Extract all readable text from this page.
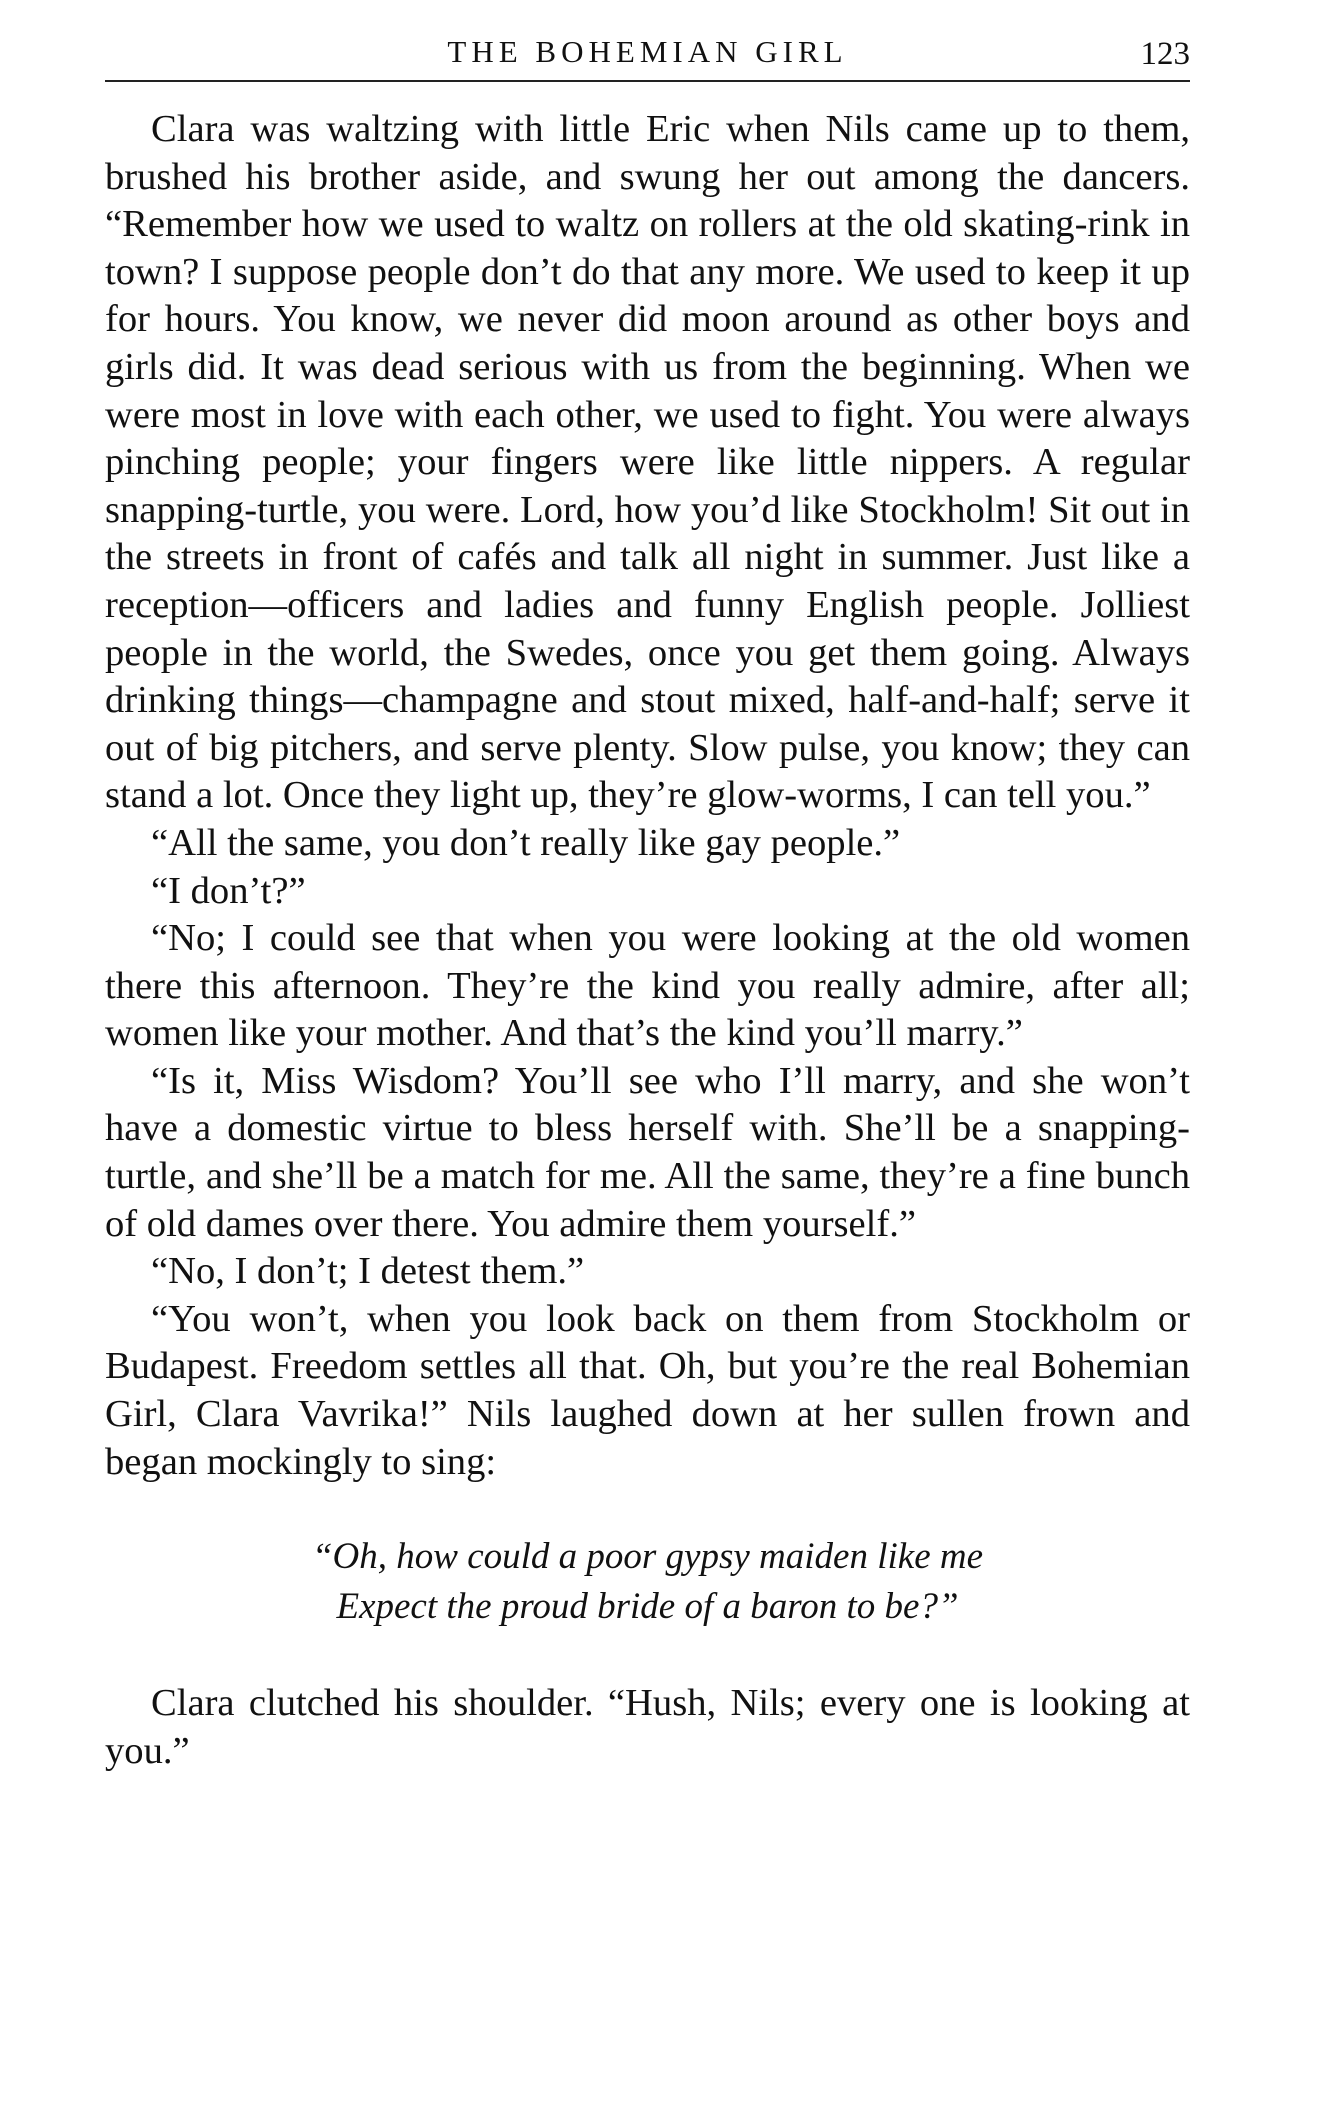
THE BOHEMIAN GIRL	123

Clara was waltzing with little Eric when Nils came up to them, brushed his brother aside, and swung her out among the dancers. “Remember how we used to waltz on rollers at the old skating-rink in town? I suppose people don’t do that any more. We used to keep it up for hours. You know, we never did moon around as other boys and girls did. It was dead serious with us from the beginning. When we were most in love with each other, we used to fight. You were always pinching people; your fingers were like little nippers. A regular snapping-turtle, you were. Lord, how you’d like Stockholm! Sit out in the streets in front of cafés and talk all night in summer. Just like a reception—officers and ladies and funny English people. Jolliest people in the world, the Swedes, once you get them going. Always drinking things—champagne and stout mixed, half-and-half; serve it out of big pitchers, and serve plenty. Slow pulse, you know; they can stand a lot. Once they light up, they’re glow-worms, I can tell you.”

“All the same, you don’t really like gay people.”

“I don’t?”

“No; I could see that when you were looking at the old women there this afternoon. They’re the kind you really admire, after all; women like your mother. And that’s the kind you’ll marry.”

“Is it, Miss Wisdom? You’ll see who I’ll marry, and she won’t have a domestic virtue to bless herself with. She’ll be a snapping-turtle, and she’ll be a match for me. All the same, they’re a fine bunch of old dames over there. You admire them yourself.”

“No, I don’t; I detest them.”

“You won’t, when you look back on them from Stockholm or Budapest. Freedom settles all that. Oh, but you’re the real Bohemian Girl, Clara Vavrika!” Nils laughed down at her sullen frown and began mockingly to sing:

“Oh, how could a poor gypsy maiden like me
Expect the proud bride of a baron to be?”

Clara clutched his shoulder. “Hush, Nils; every one is looking at you.”
